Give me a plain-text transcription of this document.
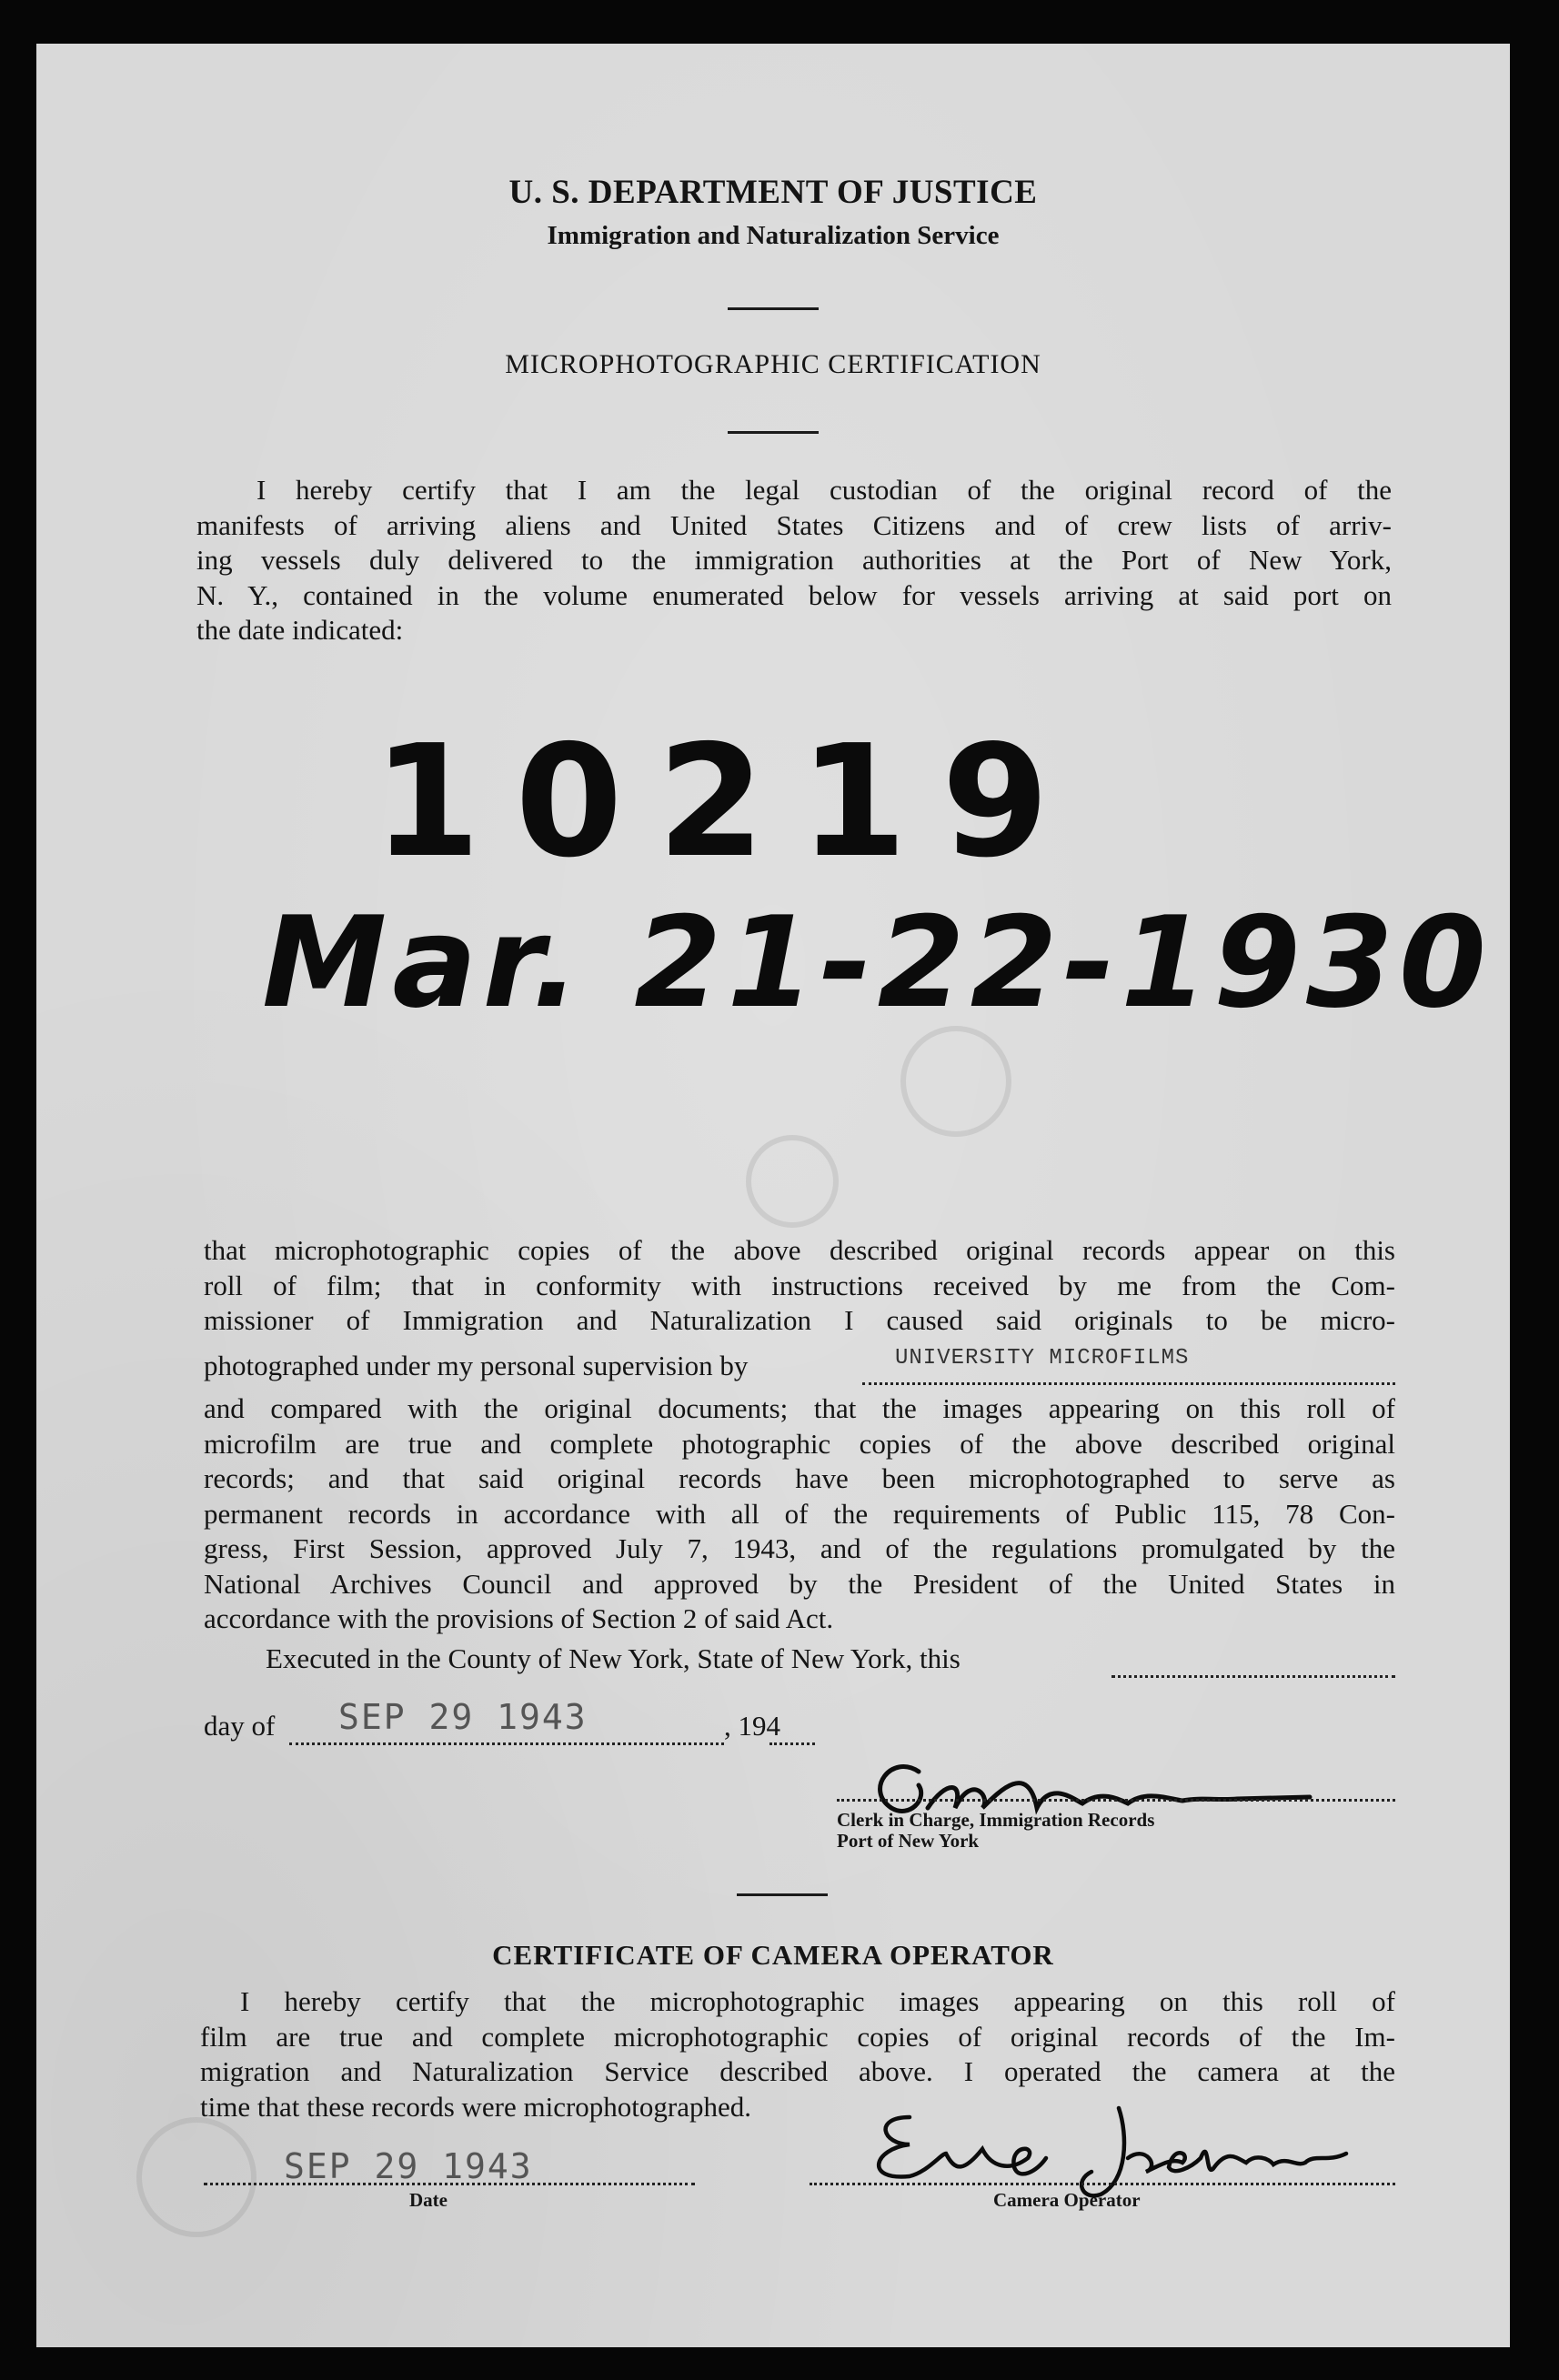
U. S. DEPARTMENT OF JUSTICE
Immigration and Naturalization Service
MICROPHOTOGRAPHIC CERTIFICATION
I hereby certify that I am the legal custodian of the original record of the
manifests of arriving aliens and United States Citizens and of crew lists of arriv-
ing vessels duly delivered to the immigration authorities at the Port of New York,
N. Y., contained in the volume enumerated below for vessels arriving at said port on
the date indicated:
10219
Mar. 21-22-1930
that microphotographic copies of the above described original records appear on this
roll of film; that in conformity with instructions received by me from the Com-
missioner of Immigration and Naturalization I caused said originals to be micro-
photographed under my personal supervision by	UNIVERSITY MICROFILMS
and compared with the original documents; that the images appearing on this roll of
microfilm are true and complete photographic copies of the above described original
records; and that said original records have been microphotographed to serve as
permanent records in accordance with all of the requirements of Public 115, 78 Con-
gress, First Session, approved July 7, 1943, and of the regulations promulgated by the
National Archives Council and approved by the President of the United States in
accordance with the provisions of Section 2 of said Act.
Executed in the County of New York, State of New York, this
day of SEP 29 1943	, 194
Clerk in Charge, Immigration Records
Port of New York
CERTIFICATE OF CAMERA OPERATOR
I hereby certify that the microphotographic images appearing on this roll of
film are true and complete microphotographic copies of original records of the Im-
migration and Naturalization Service described above. I operated the camera at the
time that these records were microphotographed.
SEP 29 1943
Date	Camera Operator
